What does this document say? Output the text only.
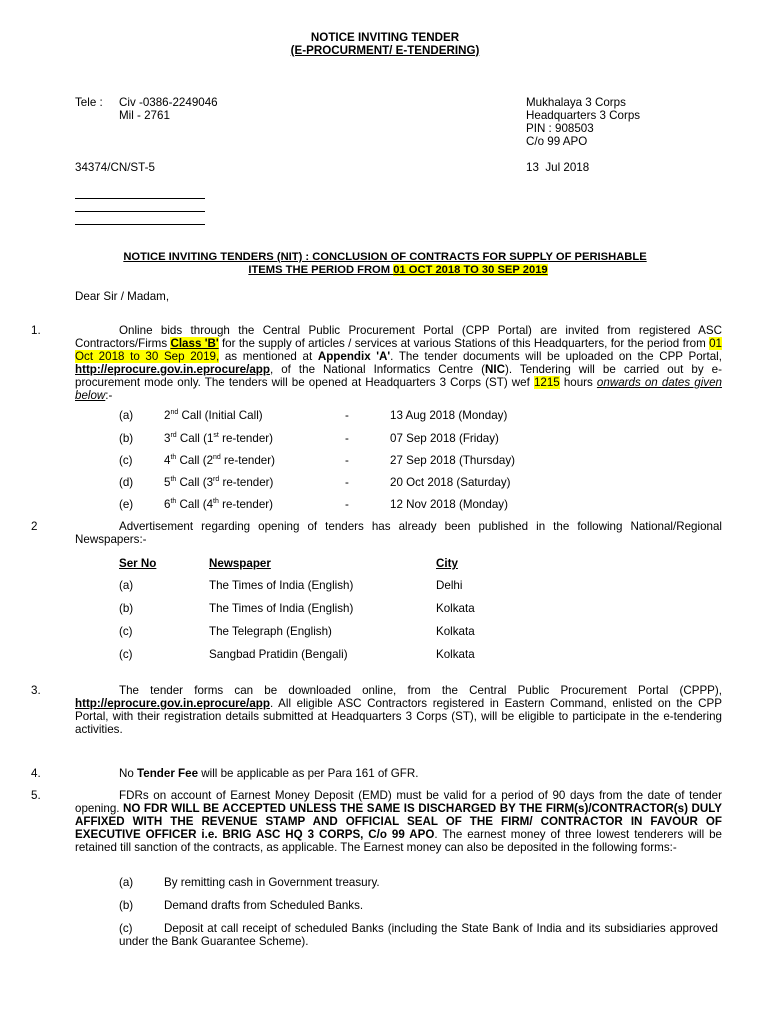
NOTICE INVITING TENDER
(E-PROCURMENT/ E-TENDERING)
Tele : Civ -0386-2249046
Mil - 2761
Mukhalaya 3 Corps
Headquarters 3 Corps
PIN : 908503
C/o 99 APO
34374/CN/ST-5	13  Jul 2018
NOTICE INVITING TENDERS (NIT) : CONCLUSION OF CONTRACTS FOR SUPPLY OF PERISHABLE
ITEMS THE PERIOD FROM 01 OCT 2018 TO 30 SEP 2019
Dear Sir / Madam,
1.	Online bids through the Central Public Procurement Portal (CPP Portal) are invited from registered ASC Contractors/Firms Class 'B' for the supply of articles / services at various Stations of this Headquarters, for the period from 01 Oct 2018 to 30 Sep 2019, as mentioned at Appendix 'A'. The tender documents will be uploaded on the CPP Portal, http://eprocure.gov.in.eprocure/app, of the National Informatics Centre (NIC). Tendering will be carried out by e-procurement mode only. The tenders will be opened at Headquarters 3 Corps (ST) wef 1215 hours onwards on dates given below:-
(a)	2nd Call (Initial Call)	-	13 Aug 2018 (Monday)
(b)	3rd Call (1st re-tender)	-	07 Sep 2018 (Friday)
(c)	4th Call (2nd re-tender)	-	27 Sep 2018 (Thursday)
(d)	5th Call (3rd re-tender)	-	20 Oct 2018 (Saturday)
(e)	6th Call (4th re-tender)	-	12 Nov 2018 (Monday)
2	Advertisement regarding opening of tenders has already been published in the following National/Regional Newspapers:-
Ser No	Newspaper	City
(a)	The Times of India (English)	Delhi
(b)	The Times of India (English)	Kolkata
(c)	The Telegraph (English)	Kolkata
(c)	Sangbad Pratidin (Bengali)	Kolkata
3.	The tender forms can be downloaded online, from the Central Public Procurement Portal (CPPP), http://eprocure.gov.in.eprocure/app. All eligible ASC Contractors registered in Eastern Command, enlisted on the CPP Portal, with their registration details submitted at Headquarters 3 Corps (ST), will be eligible to participate in the e-tendering activities.
4.	No Tender Fee will be applicable as per Para 161 of GFR.
5.	FDRs on account of Earnest Money Deposit (EMD) must be valid for a period of 90 days from the date of tender opening. NO FDR WILL BE ACCEPTED UNLESS THE SAME IS DISCHARGED BY THE FIRM(s)/CONTRACTOR(s) DULY AFFIXED WITH THE REVENUE STAMP AND OFFICIAL SEAL OF THE FIRM/ CONTRACTOR IN FAVOUR OF EXECUTIVE OFFICER i.e. BRIG ASC HQ 3 CORPS, C/o 99 APO. The earnest money of three lowest tenderers will be retained till sanction of the contracts, as applicable. The Earnest money can also be deposited in the following forms:-
(a)	By remitting cash in Government treasury.
(b)	Demand drafts from Scheduled Banks.
(c)	Deposit at call receipt of scheduled Banks (including the State Bank of India and its subsidiaries approved under the Bank Guarantee Scheme).
